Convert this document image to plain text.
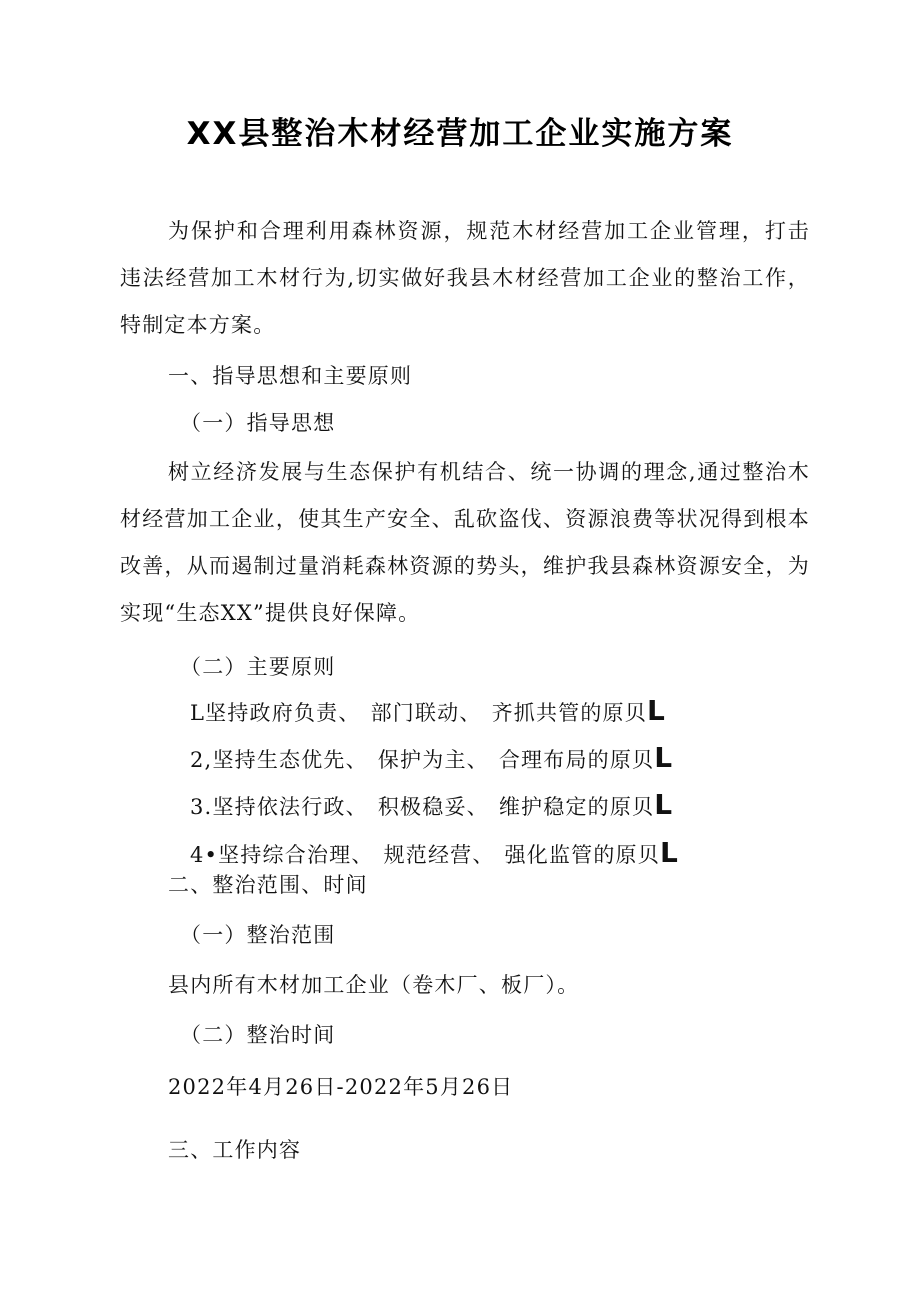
XX县整治木材经营加工企业实施方案
为保护和合理利用森林资源，规范木材经营加工企业管理，打击违法经营加工木材行为,切实做好我县木材经营加工企业的整治工作，特制定本方案。
一、指导思想和主要原则
（一）指导思想
树立经济发展与生态保护有机结合、统一协调的理念,通过整治木材经营加工企业，使其生产安全、乱砍盗伐、资源浪费等状况得到根本改善，从而遏制过量消耗森林资源的势头，维护我县森林资源安全，为实现“生态XX”提供良好保障。
（二）主要原则
L坚持政府负责、 部门联动、 齐抓共管的原贝L
2,坚持生态优先、 保护为主、 合理布局的原贝L
3.坚持依法行政、 积极稳妥、 维护稳定的原贝L
4•坚持综合治理、 规范经营、 强化监管的原贝L
二、整治范围、时间
（一）整治范围
县内所有木材加工企业（卷木厂、板厂）。
（二）整治时间
2022年4月26日-2022年5月26日
三、工作内容
